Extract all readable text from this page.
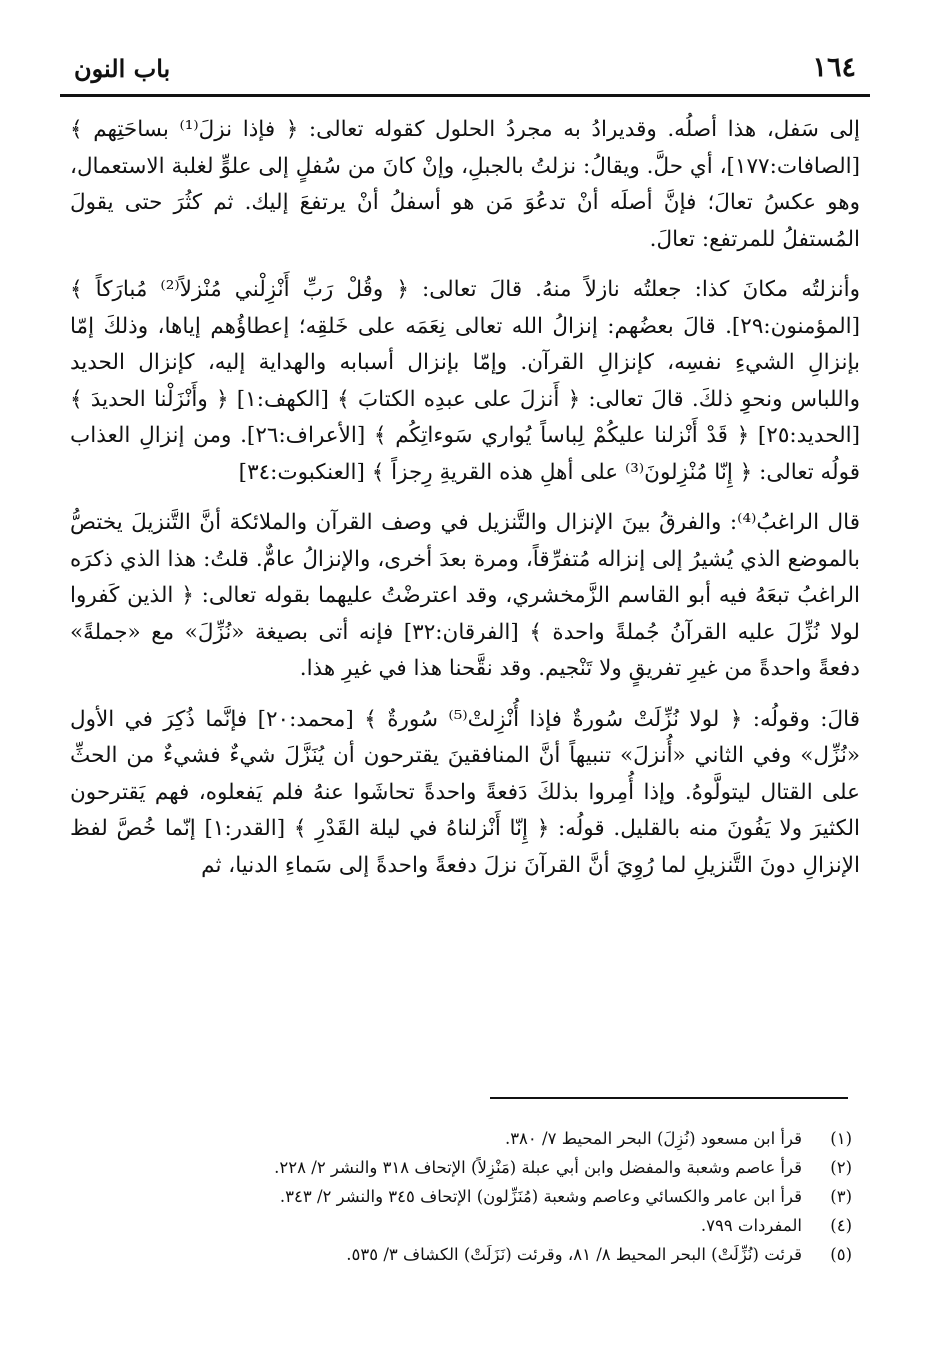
١٦٤
باب النون

إلى سَفل، هذا أصلُه. وقديرادُ به مجردُ الحلول كقوله تعالى: ﴿ فإذا نزلَ⁽¹⁾ بساحَتِهم ﴾ [الصافات:١٧٧]، أي حلَّ. ويقالُ: نزلتُ بالجبلِ، وإنْ كانَ من سُفلٍ إلى علوٍّ لغلبة الاستعمال، وهو عكسُ تعالَ؛ فإنَّ أصلَه أنْ تدعُوَ مَن هو أسفلُ أنْ يرتفعَ إليك. ثم كثُرَ حتى يقولَ المُستفلُ للمرتفع: تعالَ.

وأنزلتُه مكانَ كذا: جعلتُه نازلاً منهُ. قالَ تعالى: ﴿ وقُلْ رَبِّ أَنْزِلْني مُنْزلاً⁽²⁾ مُبارَكاً ﴾ [المؤمنون:٢٩]. قالَ بعضُهم: إنزالُ الله تعالى نِعَمَه على خَلقِه؛ إعطاؤُهم إياها، وذلكَ إمّا بإنزالِ الشيءِ نفسِه، كإنزالِ القرآن. وإمّا بإنزال أسبابه والهداية إليه، كإنزال الحديد واللباس ونحوِ ذلكَ. قالَ تعالى: ﴿ أَنزلَ على عبدِه الكتابَ ﴾ [الكهف:١] ﴿ وأَنْزَلْنا الحديدَ ﴾ [الحديد:٢٥] ﴿ قَدْ أَنْزلنا عليكُمْ لِباساً يُواري سَوءاتِكُم ﴾ [الأعراف:٢٦]. ومن إنزالِ العذاب قولُه تعالى: ﴿ إِنّا مُنْزِلونَ⁽³⁾ على أهلِ هذه القريةِ رِجزاً ﴾ [العنكبوت:٣٤]

قال الراغبُ⁽⁴⁾: والفرقُ بينَ الإنزال والتَّنزيل في وصف القرآن والملائكة أنَّ التَّنزيلَ يختصُّ بالموضع الذي يُشيرُ إلى إنزاله مُتفرِّقاً، ومرة بعدَ أخرى، والإنزالُ عامٌّ. قلتُ: هذا الذي ذكرَه الراغبُ تبعَهُ فيه أبو القاسم الزَّمخشري، وقد اعترضْتُ عليهما بقوله تعالى: ﴿ الذين كَفروا لولا نُزِّلَ عليه القرآنُ جُملةً واحدة ﴾ [الفرقان:٣٢] فإنه أتى بصيغة «نُزِّلَ» مع «جملةً» دفعةً واحدةً من غيرِ تفريقٍ ولا تَنْجيم. وقد نقَّحنا هذا في غيرِ هذا.

قالَ: وقولُه: ﴿ لولا نُزِّلَتْ سُورةٌ فإذا أُنْزِلتْ⁽⁵⁾ سُورةٌ ﴾ [محمد:٢٠] فإنَّما ذُكِرَ في الأول «نُزِّل» وفي الثاني «أُنزلَ» تنبيهاً أنَّ المنافقينَ يقترحون أن يُنَزَّلَ شيءٌ فشيءٌ من الحثِّ على القتال ليتولَّوهُ. وإذا أُمِروا بذلكَ دَفعةً واحدةً تحاشَوا عنهُ فلم يَفعلوه، فهم يَقترحون الكثيرَ ولا يَفُونَ منه بالقليل. قولُه: ﴿ إِنّا أَنْزلناهُ في ليلة القَدْرِ ﴾ [القدر:١] إنّما خُصَّ لفظ الإنزالِ دونَ التَّنزيلِ لما رُوِيَ أنَّ القرآنَ نزلَ دفعةً واحدةً إلى سَماءِ الدنيا، ثم

(١)
قرأ ابن مسعود (نُزِلَ) البحر المحيط ٧/ ٣٨٠.
(٢)
قرأ عاصم وشعبة والمفضل وابن أبي عبلة (مَنْزِلاً) الإتحاف ٣١٨ والنشر ٢/ ٢٢٨.
(٣)
قرأ ابن عامر والكسائي وعاصم وشعبة (مُنَزِّلون) الإتحاف ٣٤٥ والنشر ٢/ ٣٤٣.
(٤)
المفردات ٧٩٩.
(٥)
قرئت (نُزِّلَتْ) البحر المحيط ٨/ ٨١، وقرئت (نَزَلَتْ) الكشاف ٣/ ٥٣٥.
